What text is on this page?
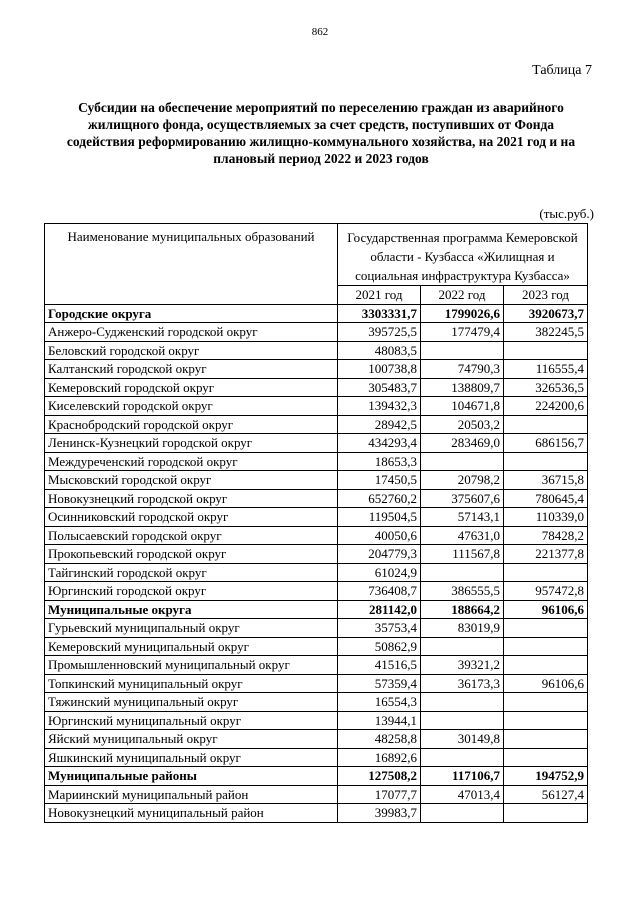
862
Таблица 7
Субсидии на обеспечение мероприятий по переселению граждан из аварийного жилищного фонда, осуществляемых за счет средств, поступивших от Фонда содействия реформированию жилищно-коммунального хозяйства, на 2021 год и на плановый период 2022 и 2023 годов
(тыс.руб.)
Наименование муниципальных образований	Государственная программа Кемеровской области - Кузбасса «Жилищная и социальная инфраструктура Кузбасса»		
	2021 год	2022 год	2023 год
Городские округа	3303331,7	1799026,6	3920673,7
Анжеро-Судженский городской округ	395725,5	177479,4	382245,5
Беловский городской округ	48083,5		
Калтанский городской округ	100738,8	74790,3	116555,4
Кемеровский городской округ	305483,7	138809,7	326536,5
Киселевский городской округ	139432,3	104671,8	224200,6
Краснобродский городской округ	28942,5	20503,2	
Ленинск-Кузнецкий городской округ	434293,4	283469,0	686156,7
Междуреченский городской округ	18653,3		
Мысковский городской округ	17450,5	20798,2	36715,8
Новокузнецкий городской округ	652760,2	375607,6	780645,4
Осинниковский городской округ	119504,5	57143,1	110339,0
Полысаевский городской округ	40050,6	47631,0	78428,2
Прокопьевский городской округ	204779,3	111567,8	221377,8
Тайгинский городской округ	61024,9		
Юргинский городской округ	736408,7	386555,5	957472,8
Муниципальные округа	281142,0	188664,2	96106,6
Гурьевский муниципальный округ	35753,4	83019,9	
Кемеровский муниципальный округ	50862,9		
Промышленновский муниципальный округ	41516,5	39321,2	
Топкинский муниципальный округ	57359,4	36173,3	96106,6
Тяжинский муниципальный округ	16554,3		
Юргинский муниципальный округ	13944,1		
Яйский муниципальный округ	48258,8	30149,8	
Яшкинский муниципальный округ	16892,6		
Муниципальные районы	127508,2	117106,7	194752,9
Мариинский муниципальный район	17077,7	47013,4	56127,4
Новокузнецкий муниципальный район	39983,7		
